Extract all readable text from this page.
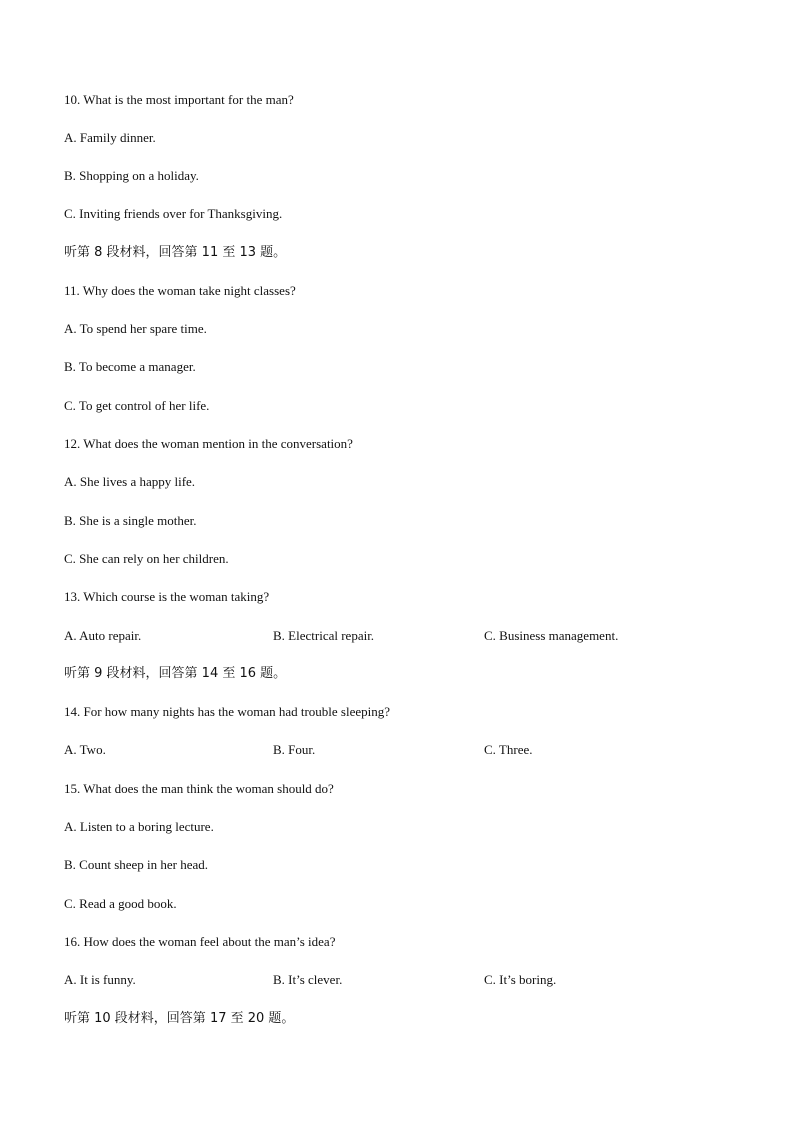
10. What is the most important for the man?
A. Family dinner.
B. Shopping on a holiday.
C. Inviting friends over for Thanksgiving.
听第 8 段材料，回答第 11 至 13 题。
11. Why does the woman take night classes?
A. To spend her spare time.
B. To become a manager.
C. To get control of her life.
12. What does the woman mention in the conversation?
A. She lives a happy life.
B. She is a single mother.
C. She can rely on her children.
13. Which course is the woman taking?
A. Auto repair.	B. Electrical repair.	C. Business management.
听第 9 段材料，回答第 14 至 16 题。
14. For how many nights has the woman had trouble sleeping?
A. Two.	B. Four.	C. Three.
15. What does the man think the woman should do?
A. Listen to a boring lecture.
B. Count sheep in her head.
C. Read a good book.
16. How does the woman feel about the man’s idea?
A. It is funny.	B. It’s clever.	C. It’s boring.
听第 10 段材料，回答第 17 至 20 题。
